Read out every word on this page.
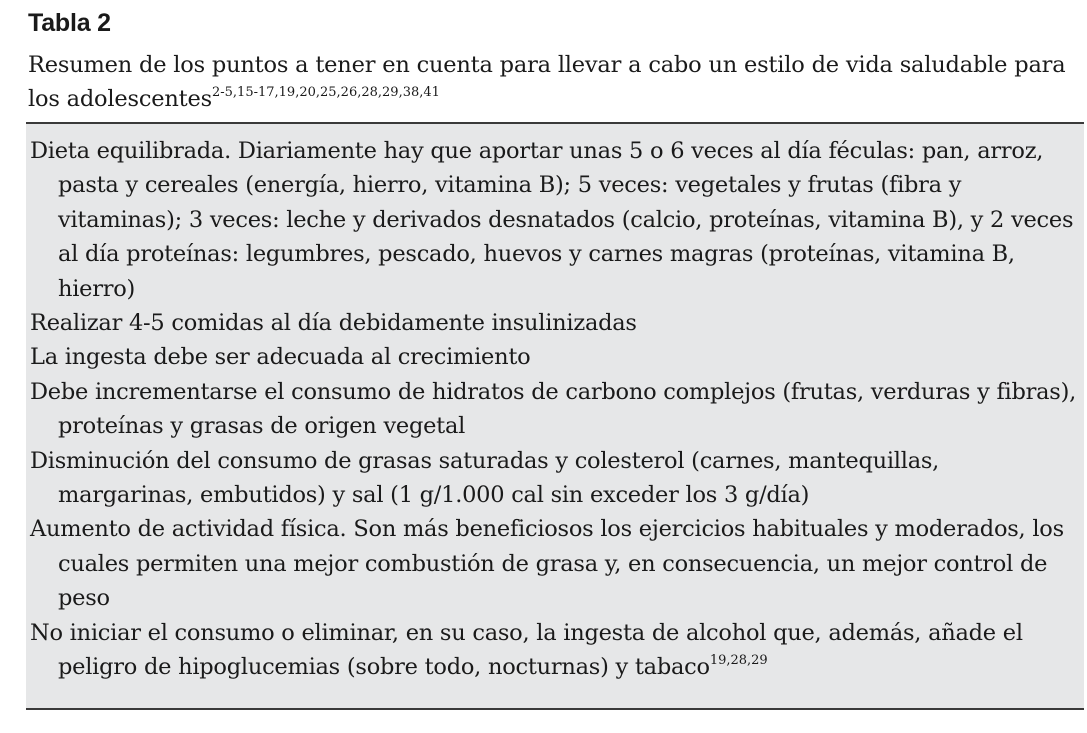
Tabla 2

Resumen de los puntos a tener en cuenta para llevar a cabo un estilo de vida saludable para los adolescentes$^{2-5,15-17,19,20,25,26,28,29,38,41}$

Dieta equilibrada. Diariamente hay que aportar unas 5 o 6 veces al día féculas: pan, arroz, pasta y cereales (energía, hierro, vitamina B); 5 veces: vegetales y frutas (fibra y vitaminas); 3 veces: leche y derivados desnatados (calcio, proteínas, vitamina B), y 2 veces al día proteínas: legumbres, pescado, huevos y carnes magras (proteínas, vitamina B, hierro)

Realizar 4-5 comidas al día debidamente insulinizadas

La ingesta debe ser adecuada al crecimiento

Debe incrementarse el consumo de hidratos de carbono complejos (frutas, verduras y fibras), proteínas y grasas de origen vegetal

Disminución del consumo de grasas saturadas y colesterol (carnes, mantequillas, margarinas, embutidos) y sal (1 g/1.000 cal sin exceder los 3 g/día)

Aumento de actividad física. Son más beneficiosos los ejercicios habituales y moderados, los cuales permiten una mejor combustión de grasa y, en consecuencia, un mejor control de peso

No iniciar el consumo o eliminar, en su caso, la ingesta de alcohol que, además, añade el peligro de hipoglucemias (sobre todo, nocturnas) y tabaco$^{19,28,29}$
